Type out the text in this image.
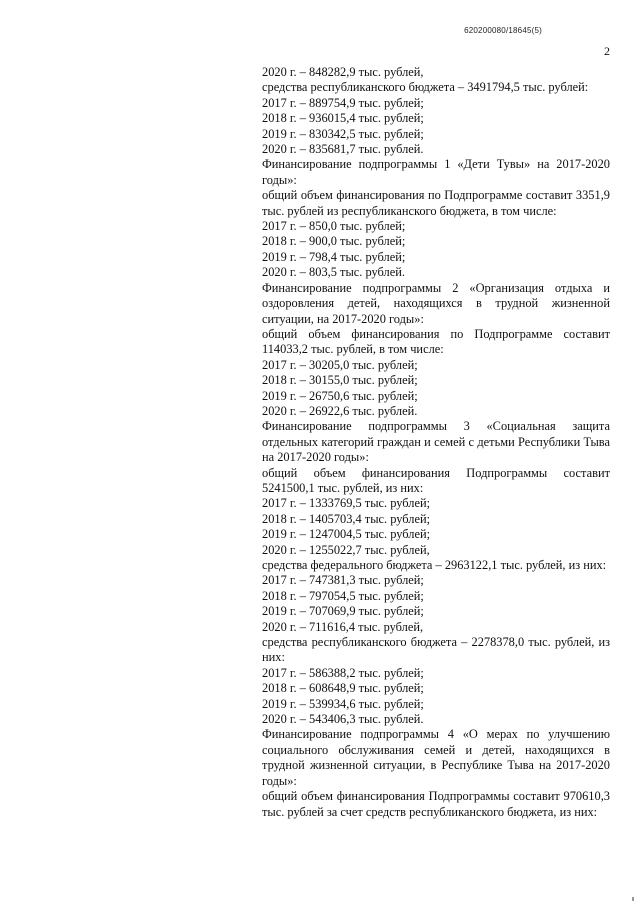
620200080/18645(5)
2

2020 г. – 848282,9 тыс. рублей,

средства республиканского бюджета – 3491794,5 тыс. рублей:

2017 г. – 889754,9 тыс. рублей;

2018 г. – 936015,4 тыс. рублей;

2019 г. – 830342,5 тыс. рублей;

2020 г. – 835681,7 тыс. рублей.

Финансирование подпрограммы 1 «Дети Тувы» на 2017-2020 годы»:

общий объем финансирования по Подпрограмме составит 3351,9 тыс. рублей из республиканского бюджета, в том числе:

2017 г. – 850,0 тыс. рублей;

2018 г. – 900,0 тыс. рублей;

2019 г. – 798,4 тыс. рублей;

2020 г. – 803,5 тыс. рублей.

Финансирование подпрограммы 2 «Организация отдыха и оздоровления детей, находящихся в трудной жизненной ситуации, на 2017-2020 годы»:

общий объем финансирования по Подпрограмме составит 114033,2 тыс. рублей, в том числе:

2017 г. – 30205,0 тыс. рублей;

2018 г. – 30155,0 тыс. рублей;

2019 г. – 26750,6 тыс. рублей;

2020 г. – 26922,6 тыс. рублей.

Финансирование подпрограммы 3 «Социальная защита отдельных категорий граждан и семей с детьми Республики Тыва на 2017-2020 годы»:

общий объем финансирования Подпрограммы составит 5241500,1 тыс. рублей, из них:

2017 г. – 1333769,5 тыс. рублей;

2018 г. – 1405703,4 тыс. рублей;

2019 г. – 1247004,5 тыс. рублей;

2020 г. – 1255022,7 тыс. рублей,

средства федерального бюджета – 2963122,1 тыс. рублей, из них:

2017 г. – 747381,3 тыс. рублей;

2018 г. – 797054,5 тыс. рублей;

2019 г. – 707069,9 тыс. рублей;

2020 г. – 711616,4 тыс. рублей,

средства республиканского бюджета – 2278378,0 тыс. рублей, из них:

2017 г. – 586388,2 тыс. рублей;

2018 г. – 608648,9 тыс. рублей;

2019 г. – 539934,6 тыс. рублей;

2020 г. – 543406,3 тыс. рублей.

Финансирование подпрограммы 4 «О мерах по улучшению социального обслуживания семей и детей, находящихся в трудной жизненной ситуации, в Республике Тыва на 2017-2020 годы»:

общий объем финансирования Подпрограммы составит 970610,3 тыс. рублей за счет средств республиканского бюджета, из них:
